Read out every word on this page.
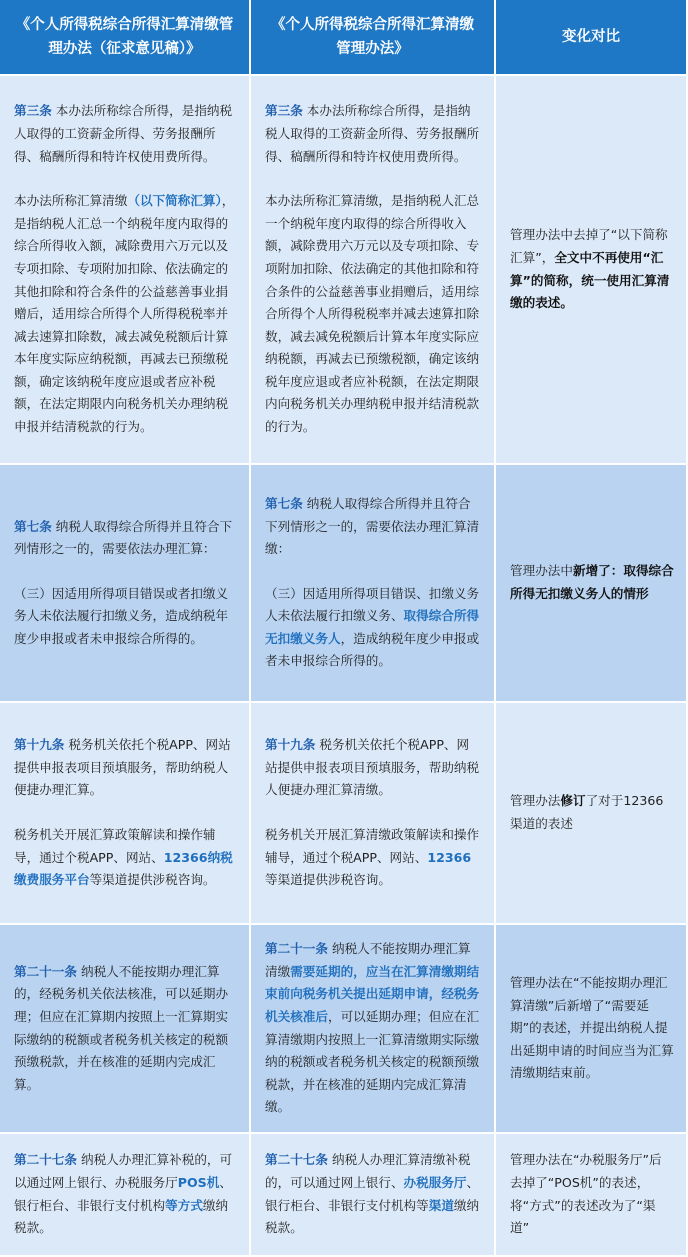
《个人所得税综合所得汇算清缴管理办法（征求意见稿）》
《个人所得税综合所得汇算清缴管理办法》
变化对比

第三条 本办法所称综合所得，是指纳税人取得的工资薪金所得、劳务报酬所得、稿酬所得和特许权使用费所得。

本办法所称汇算清缴（以下简称汇算），是指纳税人汇总一个纳税年度内取得的综合所得收入额，减除费用六万元以及专项扣除、专项附加扣除、依法确定的其他扣除和符合条件的公益慈善事业捐赠后，适用综合所得个人所得税税率并减去速算扣除数，减去减免税额后计算本年度实际应纳税额，再减去已预缴税额，确定该纳税年度应退或者应补税额，在法定期限内向税务机关办理纳税申报并结清税款的行为。

第三条 本办法所称综合所得，是指纳税人取得的工资薪金所得、劳务报酬所得、稿酬所得和特许权使用费所得。

本办法所称汇算清缴，是指纳税人汇总一个纳税年度内取得的综合所得收入额，减除费用六万元以及专项扣除、专项附加扣除、依法确定的其他扣除和符合条件的公益慈善事业捐赠后，适用综合所得个人所得税税率并减去速算扣除数，减去减免税额后计算本年度实际应纳税额，再减去已预缴税额，确定该纳税年度应退或者应补税额，在法定期限内向税务机关办理纳税申报并结清税款的行为。

管理办法中去掉了“以下简称汇算”，全文中不再使用“汇算”的简称，统一使用汇算清缴的表述。

第七条 纳税人取得综合所得并且符合下列情形之一的，需要依法办理汇算：

（三）因适用所得项目错误或者扣缴义务人未依法履行扣缴义务，造成纳税年度少申报或者未申报综合所得的。

第七条 纳税人取得综合所得并且符合下列情形之一的，需要依法办理汇算清缴：

（三）因适用所得项目错误、扣缴义务人未依法履行扣缴义务、取得综合所得无扣缴义务人，造成纳税年度少申报或者未申报综合所得的。

管理办法中新增了：取得综合所得无扣缴义务人的情形

第十九条 税务机关依托个税APP、网站提供申报表项目预填服务，帮助纳税人便捷办理汇算。

税务机关开展汇算政策解读和操作辅导，通过个税APP、网站、12366纳税缴费服务平台等渠道提供涉税咨询。

第十九条 税务机关依托个税APP、网站提供申报表项目预填服务，帮助纳税人便捷办理汇算清缴。

税务机关开展汇算清缴政策解读和操作辅导，通过个税APP、网站、12366等渠道提供涉税咨询。

管理办法修订了对于12366渠道的表述

第二十一条 纳税人不能按期办理汇算的，经税务机关依法核准，可以延期办理；但应在汇算期内按照上一汇算期实际缴纳的税额或者税务机关核定的税额预缴税款，并在核准的延期内完成汇算。

第二十一条 纳税人不能按期办理汇算清缴需要延期的，应当在汇算清缴期结束前向税务机关提出延期申请，经税务机关核准后，可以延期办理；但应在汇算清缴期内按照上一汇算清缴期实际缴纳的税额或者税务机关核定的税额预缴税款，并在核准的延期内完成汇算清缴。

管理办法在“不能按期办理汇算清缴”后新增了“需要延期”的表述，并提出纳税人提出延期申请的时间应当为汇算清缴期结束前。

第二十七条 纳税人办理汇算补税的，可以通过网上银行、办税服务厅POS机、银行柜台、非银行支付机构等方式缴纳税款。

第二十七条 纳税人办理汇算清缴补税的，可以通过网上银行、办税服务厅、银行柜台、非银行支付机构等渠道缴纳税款。

管理办法在“办税服务厅”后去掉了“POS机”的表述，将“方式”的表述改为了“渠道”
